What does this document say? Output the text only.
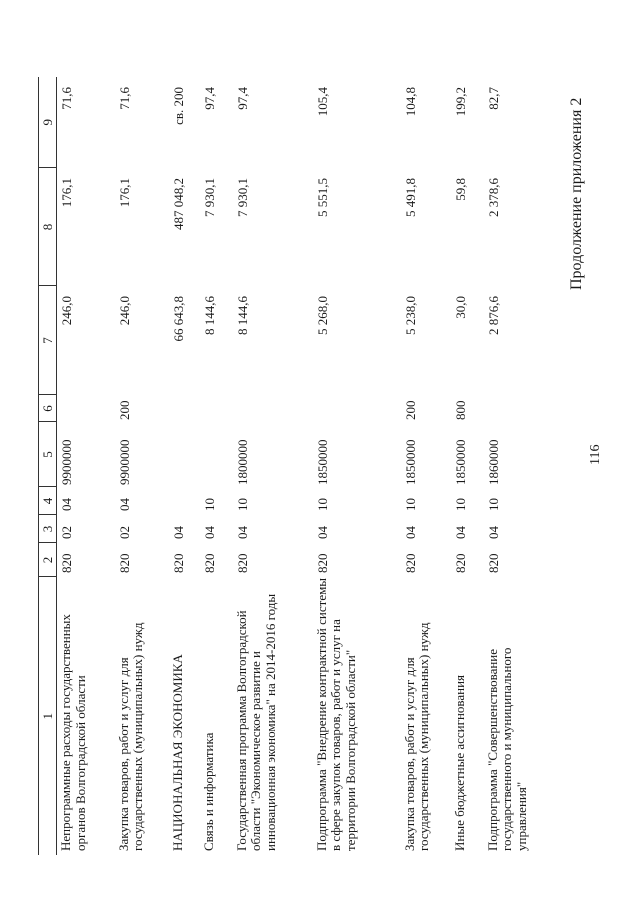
116
Продолжение приложения 2
1	2	3	4	5	6	7	8	9
Непрограммные расходы государственных органов Волгоградской области	820	02	04	9900000		246,0	176,1	71,6
Закупка товаров, работ и услуг для государственных (муниципальных) нужд	820	02	04	9900000	200	246,0	176,1	71,6
НАЦИОНАЛЬНАЯ ЭКОНОМИКА	820	04				66 643,8	487 048,2	св. 200
Связь и информатика	820	04	10			8 144,6	7 930,1	97,4
Государственная программа Волгоградской области "Экономическое развитие и инновационная экономика" на 2014-2016 годы	820	04	10	1800000		8 144,6	7 930,1	97,4
Подпрограмма "Внедрение контрактной системы в сфере закупок товаров, работ и услуг на территории Волгоградской области"	820	04	10	1850000		5 268,0	5 551,5	105,4
Закупка товаров, работ и услуг для государственных (муниципальных) нужд	820	04	10	1850000	200	5 238,0	5 491,8	104,8
Иные бюджетные ассигнования	820	04	10	1850000	800	30,0	59,8	199,2
Подпрограмма "Совершенствование государственного и муниципального управления"	820	04	10	1860000		2 876,6	2 378,6	82,7
